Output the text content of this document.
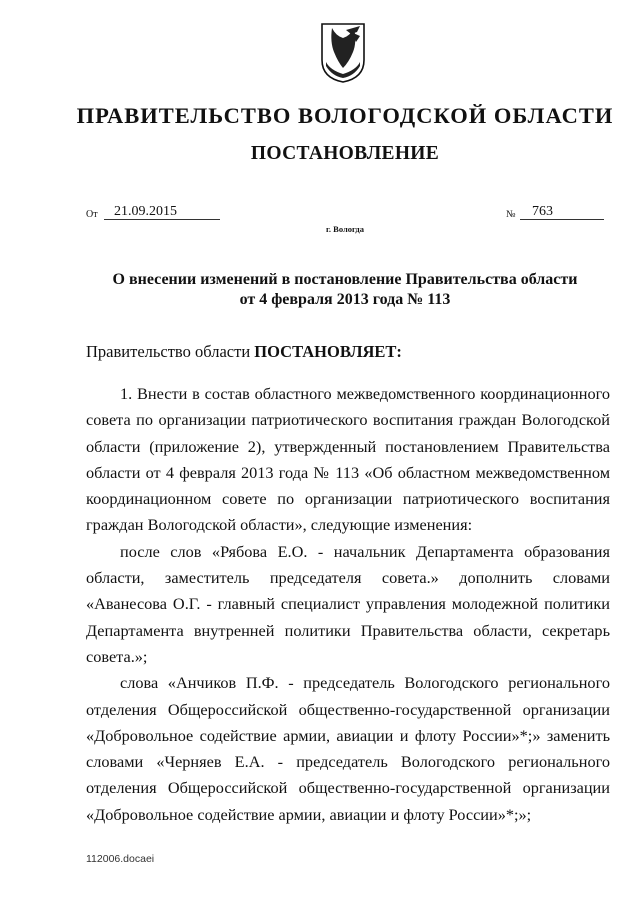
ПРАВИТЕЛЬСТВО ВОЛОГОДСКОЙ ОБЛАСТИ
ПОСТАНОВЛЕНИЕ
От	21.09.2015	№	763
г. Вологда
О внесении изменений в постановление Правительства области
от 4 февраля 2013 года № 113
Правительство области ПОСТАНОВЛЯЕТ:

1. Внести в состав областного межведомственного координационного совета по организации патриотического воспитания граждан Вологодской области (приложение 2), утвержденный постановлением Правительства области от 4 февраля 2013 года № 113 «Об областном межведомственном координационном совете по организации патриотического воспитания граждан Вологодской области», следующие изменения:

после слов «Рябова Е.О. - начальник Департамента образования области, заместитель председателя совета.» дополнить словами «Аванесова О.Г. - главный специалист управления молодежной политики Департамента внутренней политики Правительства области, секретарь совета.»;

слова «Анчиков П.Ф. - председатель Вологодского регионального отделения Общероссийской общественно-государственной организации «Добровольное содействие армии, авиации и флоту России»*;» заменить словами «Черняев Е.А. - председатель Вологодского регионального отделения Общероссийской общественно-государственной организации «Добровольное содействие армии, авиации и флоту России»*;»;

112006.docaei
